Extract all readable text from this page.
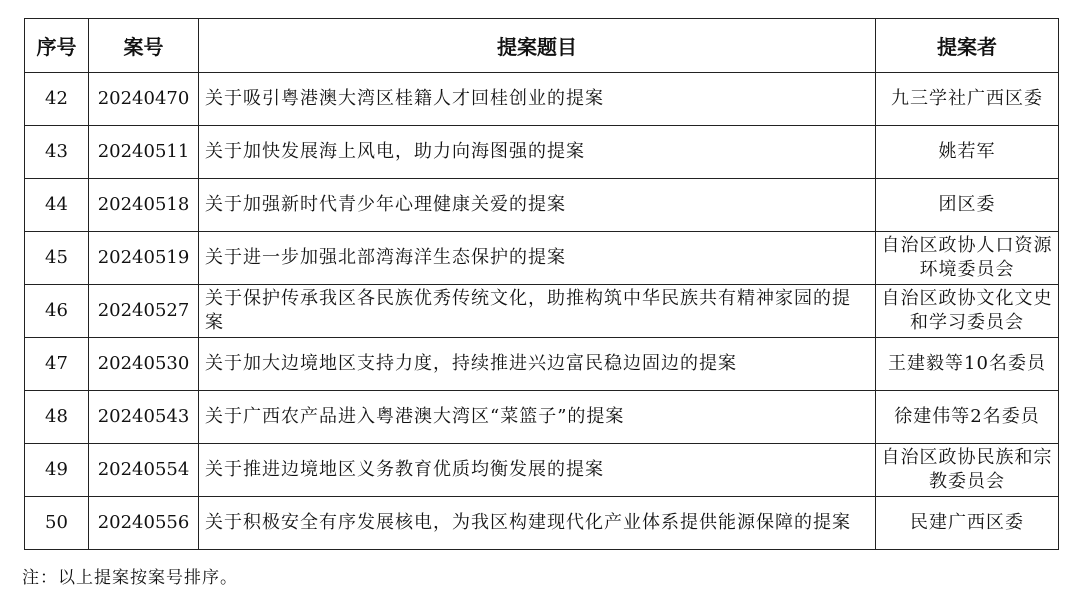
序号	案号	提案题目	提案者
42	20240470	关于吸引粤港澳大湾区桂籍人才回桂创业的提案	九三学社广西区委
43	20240511	关于加快发展海上风电，助力向海图强的提案	姚若军
44	20240518	关于加强新时代青少年心理健康关爱的提案	团区委
45	20240519	关于进一步加强北部湾海洋生态保护的提案	自治区政协人口资源环境委员会
46	20240527	关于保护传承我区各民族优秀传统文化，助推构筑中华民族共有精神家园的提案	自治区政协文化文史和学习委员会
47	20240530	关于加大边境地区支持力度，持续推进兴边富民稳边固边的提案	王建毅等10名委员
48	20240543	关于广西农产品进入粤港澳大湾区“菜篮子”的提案	徐建伟等2名委员
49	20240554	关于推进边境地区义务教育优质均衡发展的提案	自治区政协民族和宗教委员会
50	20240556	关于积极安全有序发展核电，为我区构建现代化产业体系提供能源保障的提案	民建广西区委
注：以上提案按案号排序。
